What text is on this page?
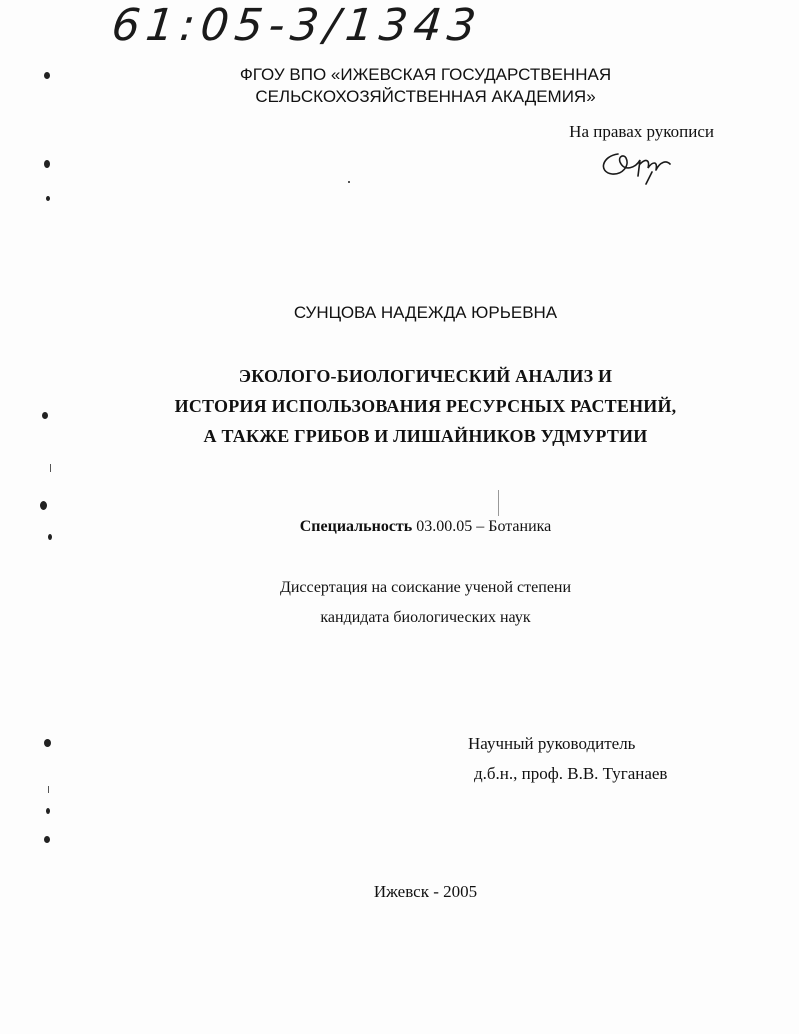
61:05-3/1343
ФГОУ ВПО «ИЖЕВСКАЯ ГОСУДАРСТВЕННАЯ
СЕЛЬСКОХОЗЯЙСТВЕННАЯ АКАДЕМИЯ»
На правах рукописи
СУНЦОВА НАДЕЖДА ЮРЬЕВНА
ЭКОЛОГО-БИОЛОГИЧЕСКИЙ АНАЛИЗ И
ИСТОРИЯ ИСПОЛЬЗОВАНИЯ РЕСУРСНЫХ РАСТЕНИЙ,
А ТАКЖЕ ГРИБОВ И ЛИШАЙНИКОВ УДМУРТИИ
Специальность 03.00.05 – Ботаника
Диссертация на соискание ученой степени
кандидата биологических наук
Научный руководитель
д.б.н., проф. В.В. Туганаев
Ижевск - 2005
